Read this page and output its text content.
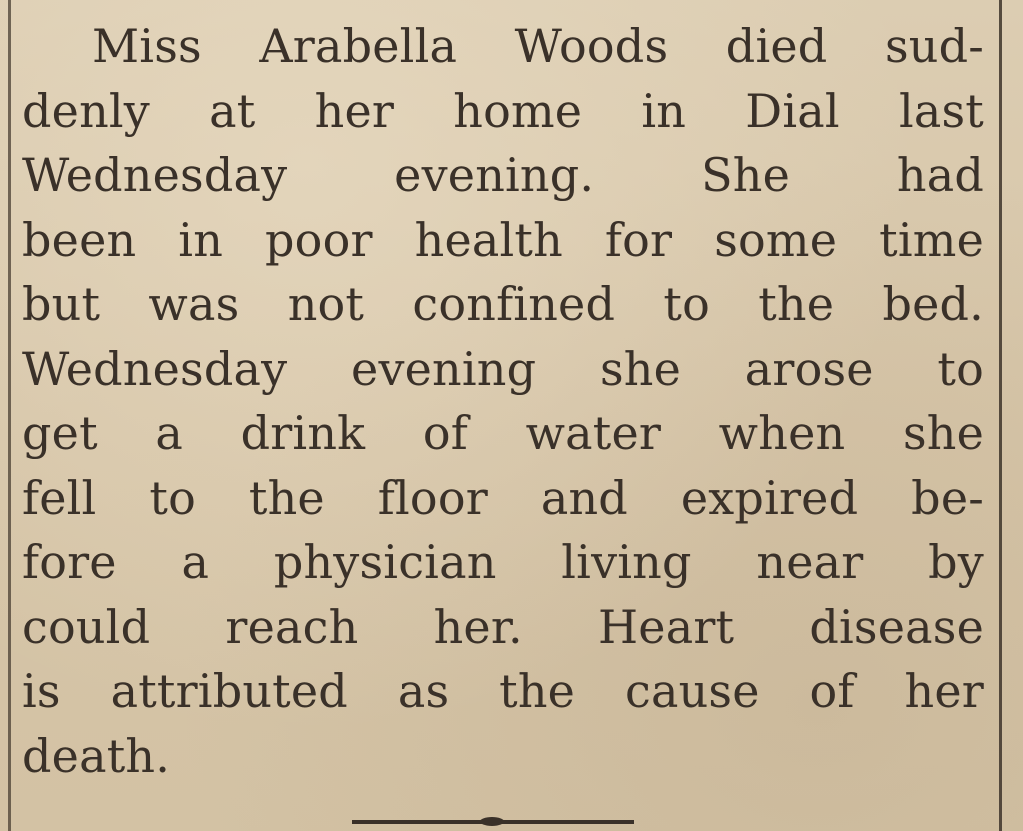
Miss Arabella Woods died sud-
denly at her home in Dial last
Wednesday evening. She had
been in poor health for some time
but was not confined to the bed.
Wednesday evening she arose to
get a drink of water when she
fell to the floor and expired be-
fore a physician living near by
could reach her. Heart disease
is attributed as the cause of her
death.
